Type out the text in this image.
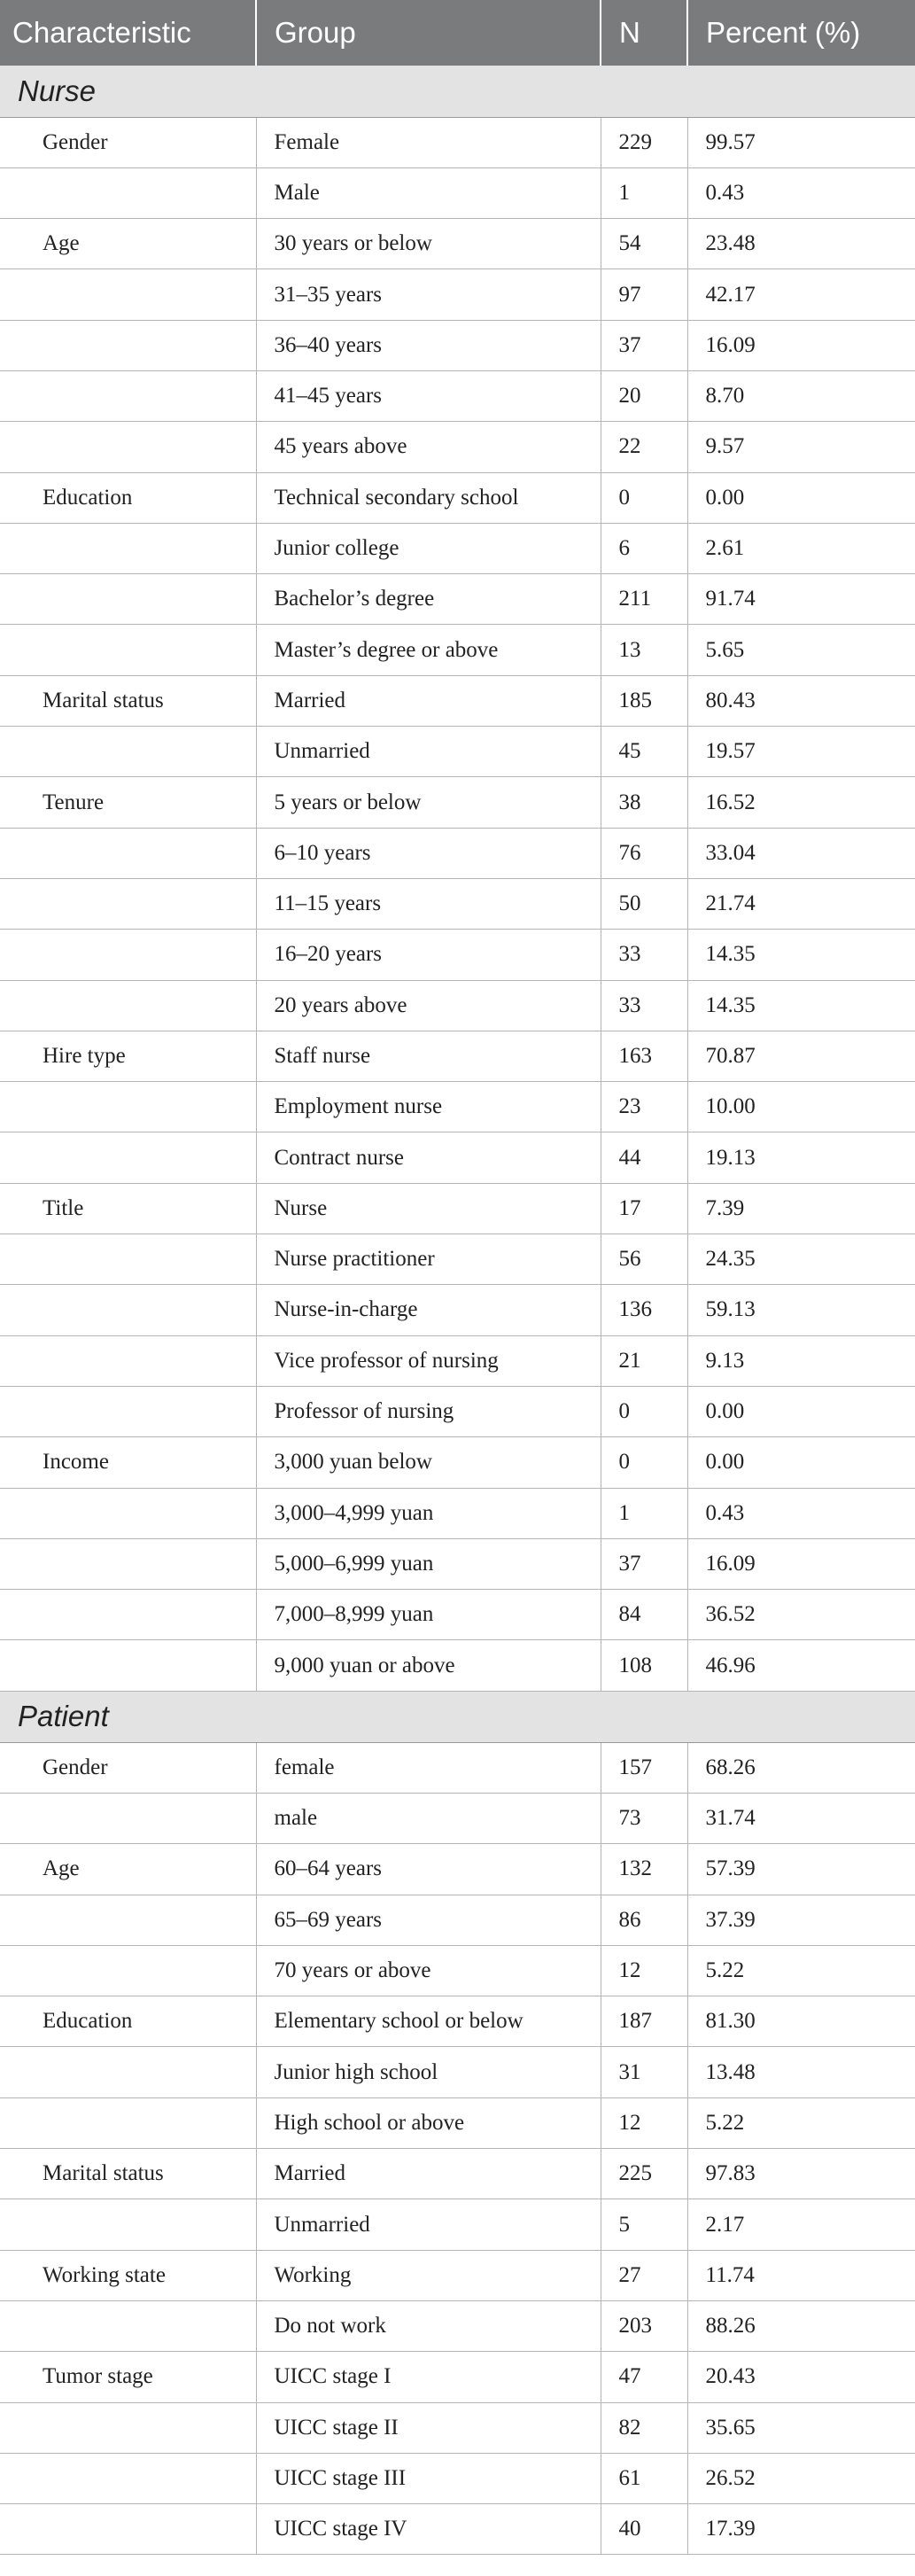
Characteristic	Group	N	Percent (%)
Nurse			
Gender	Female	229	99.57
	Male	1	0.43
Age	30 years or below	54	23.48
	31–35 years	97	42.17
	36–40 years	37	16.09
	41–45 years	20	8.70
	45 years above	22	9.57
Education	Technical secondary school	0	0.00
	Junior college	6	2.61
	Bachelor’s degree	211	91.74
	Master’s degree or above	13	5.65
Marital status	Married	185	80.43
	Unmarried	45	19.57
Tenure	5 years or below	38	16.52
	6–10 years	76	33.04
	11–15 years	50	21.74
	16–20 years	33	14.35
	20 years above	33	14.35
Hire type	Staff nurse	163	70.87
	Employment nurse	23	10.00
	Contract nurse	44	19.13
Title	Nurse	17	7.39
	Nurse practitioner	56	24.35
	Nurse-in-charge	136	59.13
	Vice professor of nursing	21	9.13
	Professor of nursing	0	0.00
Income	3,000 yuan below	0	0.00
	3,000–4,999 yuan	1	0.43
	5,000–6,999 yuan	37	16.09
	7,000–8,999 yuan	84	36.52
	9,000 yuan or above	108	46.96
Patient			
Gender	female	157	68.26
	male	73	31.74
Age	60–64 years	132	57.39
	65–69 years	86	37.39
	70 years or above	12	5.22
Education	Elementary school or below	187	81.30
	Junior high school	31	13.48
	High school or above	12	5.22
Marital status	Married	225	97.83
	Unmarried	5	2.17
Working state	Working	27	11.74
	Do not work	203	88.26
Tumor stage	UICC stage I	47	20.43
	UICC stage II	82	35.65
	UICC stage III	61	26.52
	UICC stage IV	40	17.39
